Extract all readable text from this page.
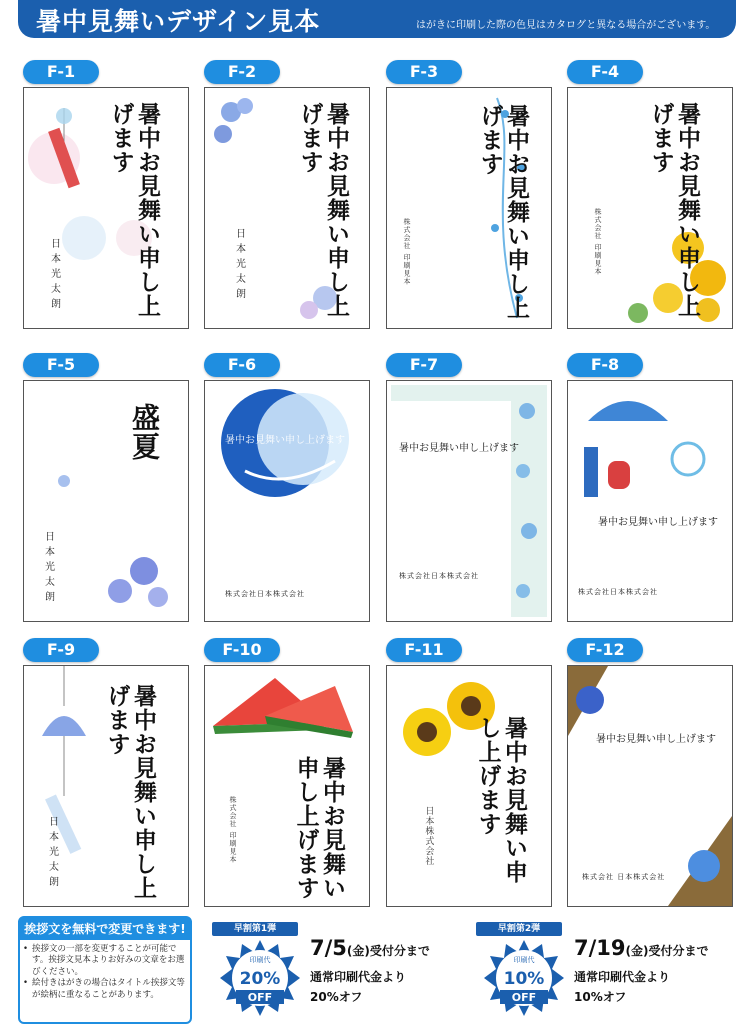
暑中見舞いデザイン見本	はがきに印刷した際の色見はカタログと異なる場合がございます。
F-1
暑中お見舞い申し上げます
日本光太朗
F-2
暑中お見舞い申し上げます
日本光太朗
F-3
暑中お見舞い申し上げます
株式会社 印刷見本
F-4
暑中お見舞い申し上げます
株式会社 印刷見本
F-5
盛夏
日本光太朗
F-6
暑中お見舞い申し上げます
株式会社日本株式会社
F-7
暑中お見舞い申し上げます
株式会社日本株式会社
F-8
暑中お見舞い申し上げます
株式会社日本株式会社
F-9
暑中お見舞い申し上げます
日本光太朗
F-10
暑中お見舞い申し上げます
株式会社 印刷見本
F-11
暑中お見舞い申し上げます
日本株式会社
F-12
暑中お見舞い申し上げます
株式会社 日本株式会社
挨拶文を無料で変更できます!
• 挨拶文の一部を変更することが可能です。挨拶文見本よりお好みの文章をお選びください。
• 絵付きはがきの場合はタイトル挨拶文等が絵柄に重なることがあります。
早割第1弾
印刷代
20%
OFF
7/5(金)受付分まで
通常印刷代金より
20%オフ
早割第2弾
印刷代
10%
OFF
7/19(金)受付分まで
通常印刷代金より
10%オフ
